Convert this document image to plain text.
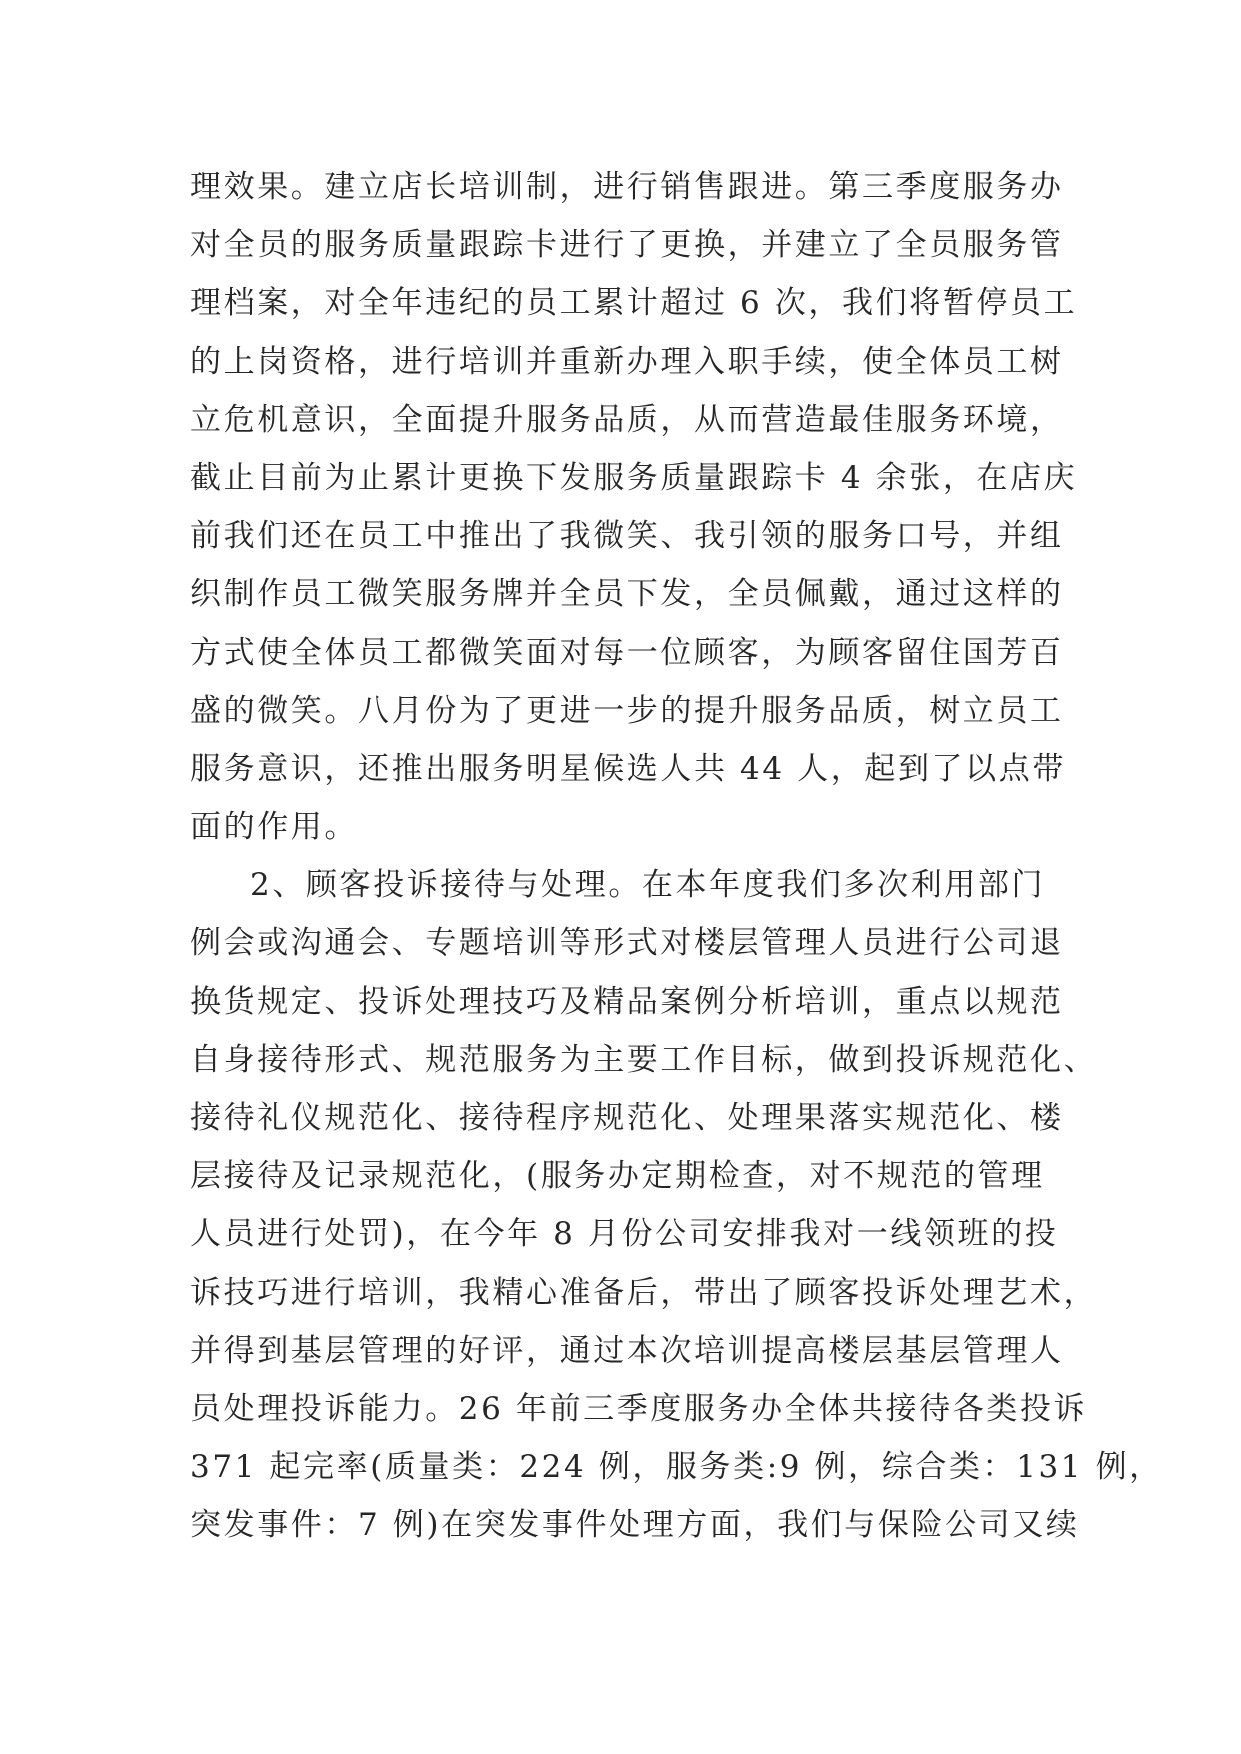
理效果。建立店长培训制，进行销售跟进。第三季度服务办
对全员的服务质量跟踪卡进行了更换，并建立了全员服务管
理档案，对全年违纪的员工累计超过 6 次，我们将暂停员工
的上岗资格，进行培训并重新办理入职手续，使全体员工树
立危机意识，全面提升服务品质，从而营造最佳服务环境，
截止目前为止累计更换下发服务质量跟踪卡 4 余张，在店庆
前我们还在员工中推出了我微笑、我引领的服务口号，并组
织制作员工微笑服务牌并全员下发，全员佩戴，通过这样的
方式使全体员工都微笑面对每一位顾客，为顾客留住国芳百
盛的微笑。八月份为了更进一步的提升服务品质，树立员工
服务意识，还推出服务明星候选人共 44 人，起到了以点带
面的作用。
2、顾客投诉接待与处理。在本年度我们多次利用部门
例会或沟通会、专题培训等形式对楼层管理人员进行公司退
换货规定、投诉处理技巧及精品案例分析培训，重点以规范
自身接待形式、规范服务为主要工作目标，做到投诉规范化、
接待礼仪规范化、接待程序规范化、处理果落实规范化、楼
层接待及记录规范化，(服务办定期检查，对不规范的管理
人员进行处罚)，在今年 8 月份公司安排我对一线领班的投
诉技巧进行培训，我精心准备后，带出了顾客投诉处理艺术，
并得到基层管理的好评，通过本次培训提高楼层基层管理人
员处理投诉能力。26 年前三季度服务办全体共接待各类投诉
371 起完率(质量类：224 例，服务类:9 例，综合类：131 例，
突发事件：7 例)在突发事件处理方面，我们与保险公司又续
